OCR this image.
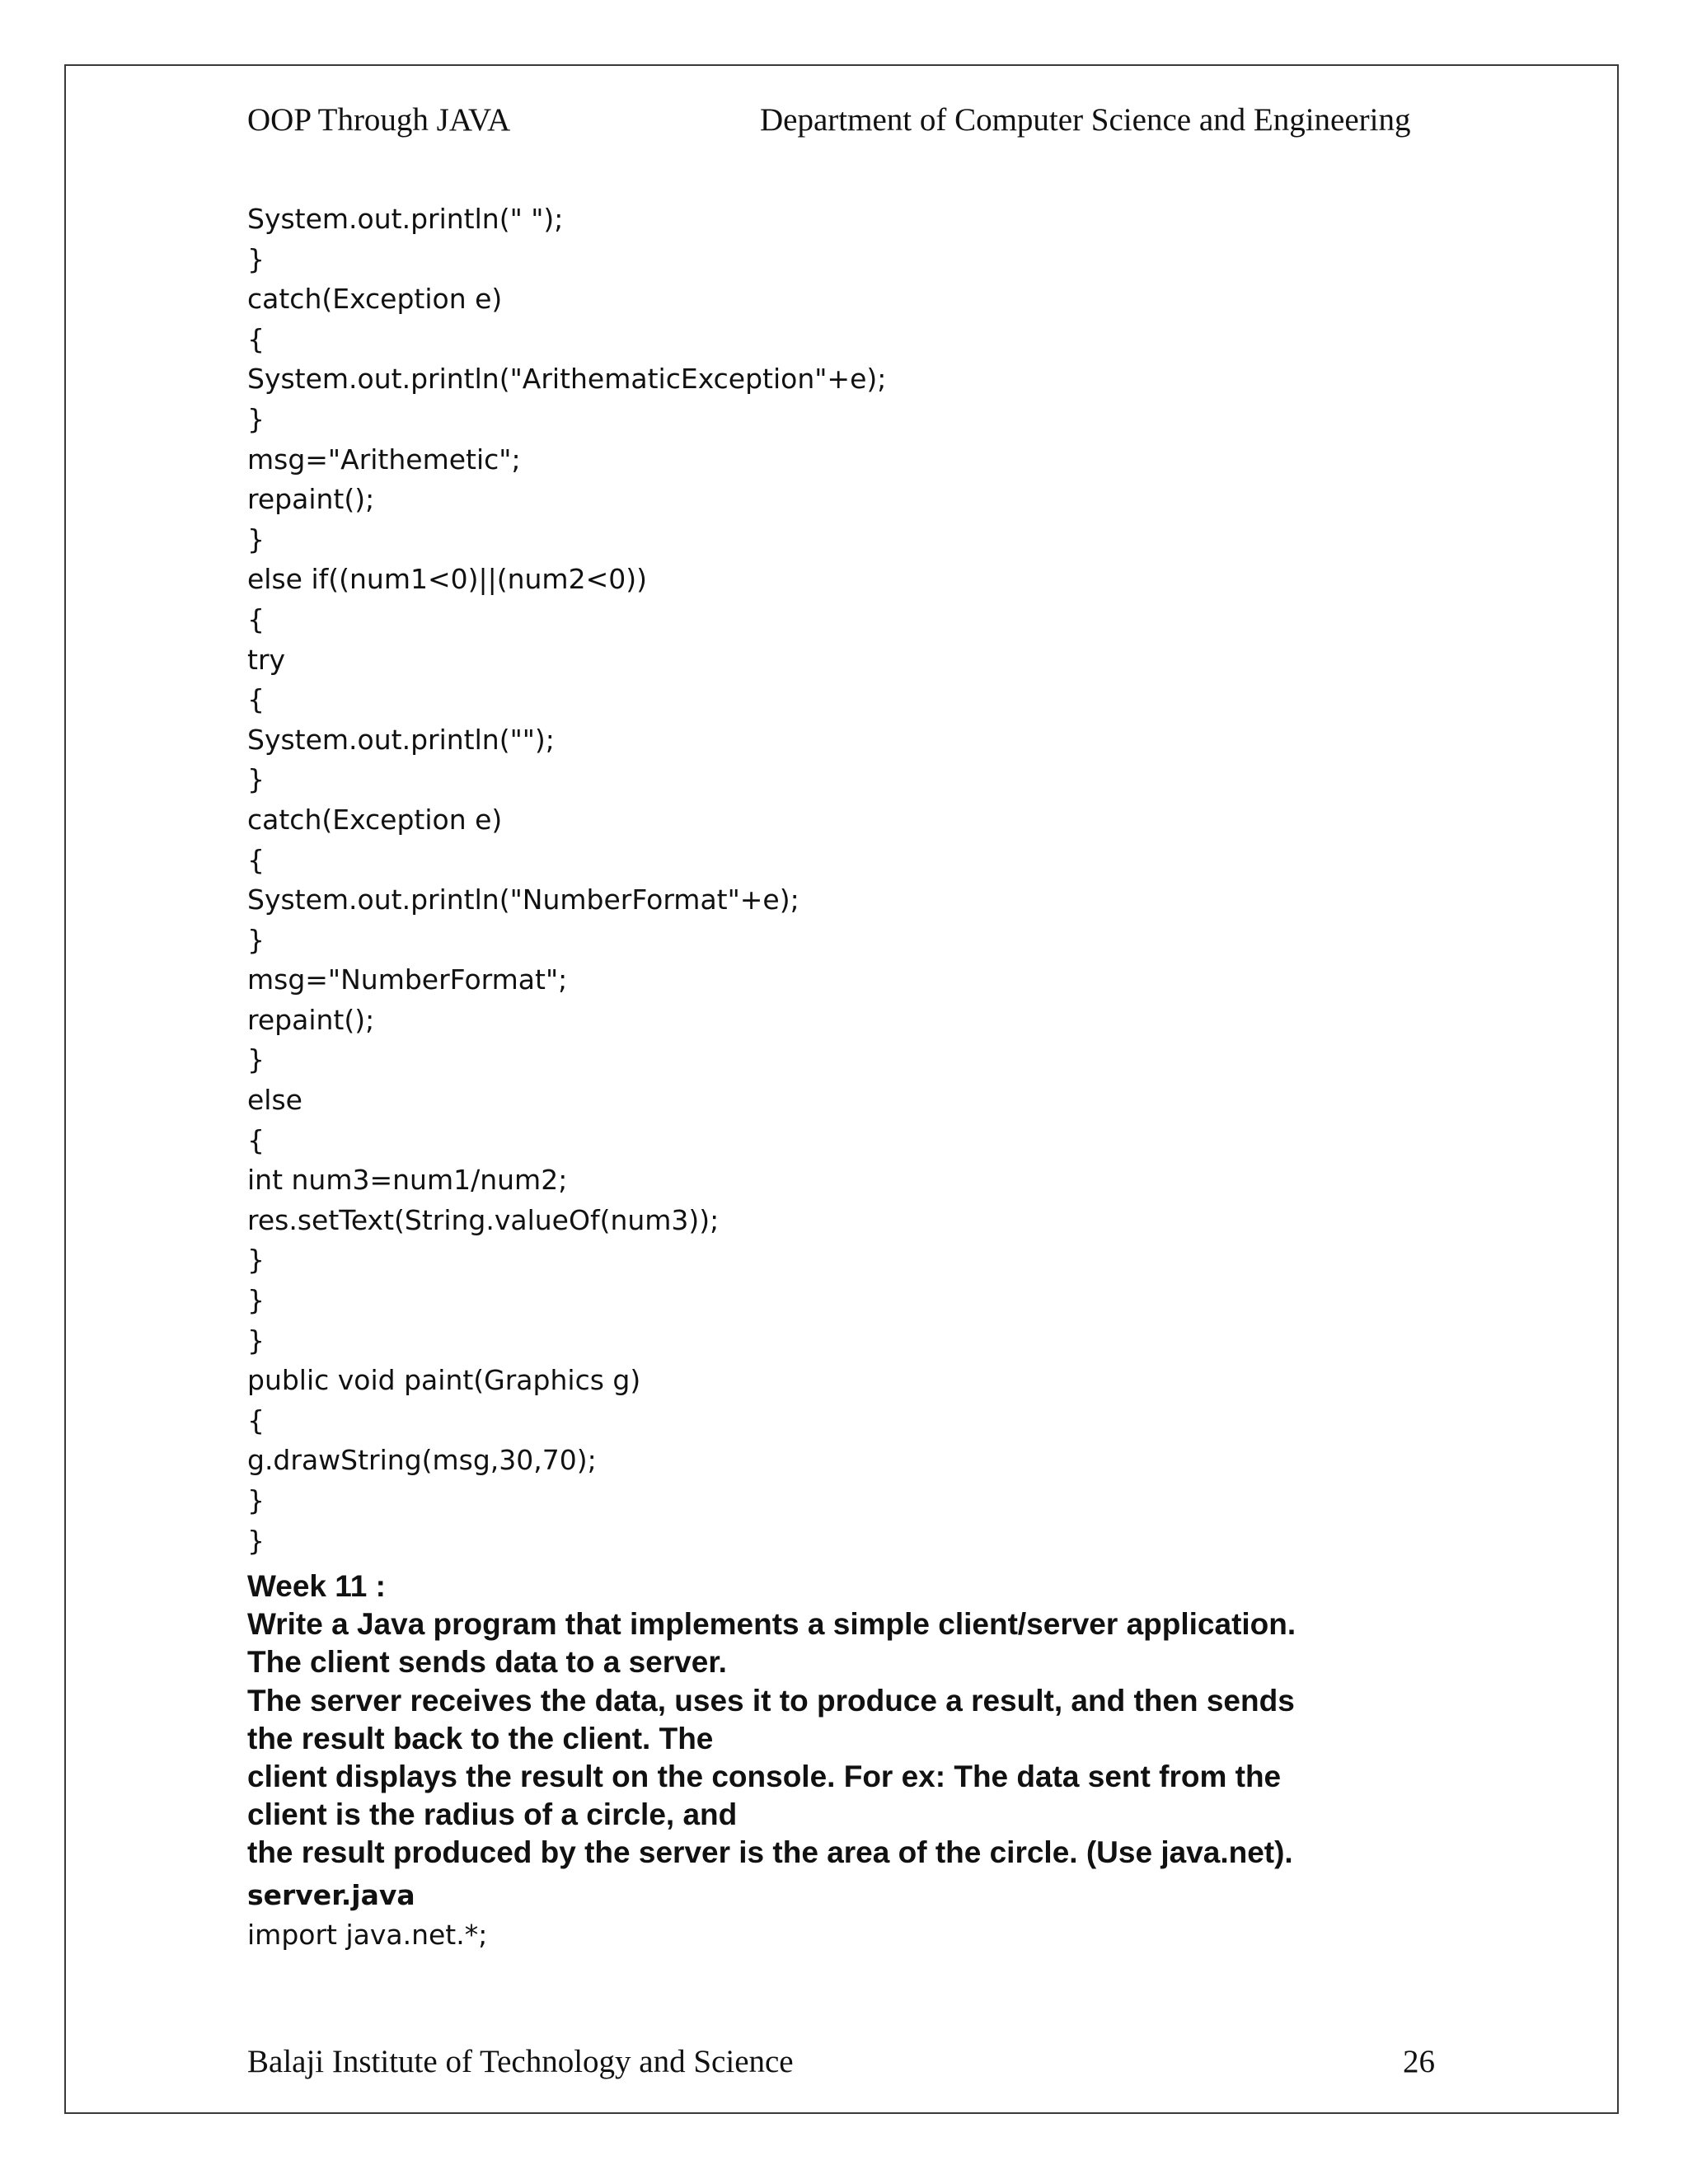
OOP Through JAVA	Department of Computer Science and Engineering
System.out.println(" ");
}
catch(Exception e)
{
System.out.println("ArithematicException"+e);
}
msg="Arithemetic";
repaint();
}
else if((num1<0)||(num2<0))
{
try
{
System.out.println("");
}
catch(Exception e)
{
System.out.println("NumberFormat"+e);
}
msg="NumberFormat";
repaint();
}
else
{
int num3=num1/num2;
res.setText(String.valueOf(num3));
}
}
}
public void paint(Graphics g)
{
g.drawString(msg,30,70);
}
}
Week 11 :
Write a Java program that implements a simple client/server application.
The client sends data to a server.
The server receives the data, uses it to produce a result, and then sends
the result back to the client. The
client displays the result on the console. For ex: The data sent from the
client is the radius of a circle, and
the result produced by the server is the area of the circle. (Use java.net).
server.java
import java.net.*;
Balaji Institute of Technology and Science	26
